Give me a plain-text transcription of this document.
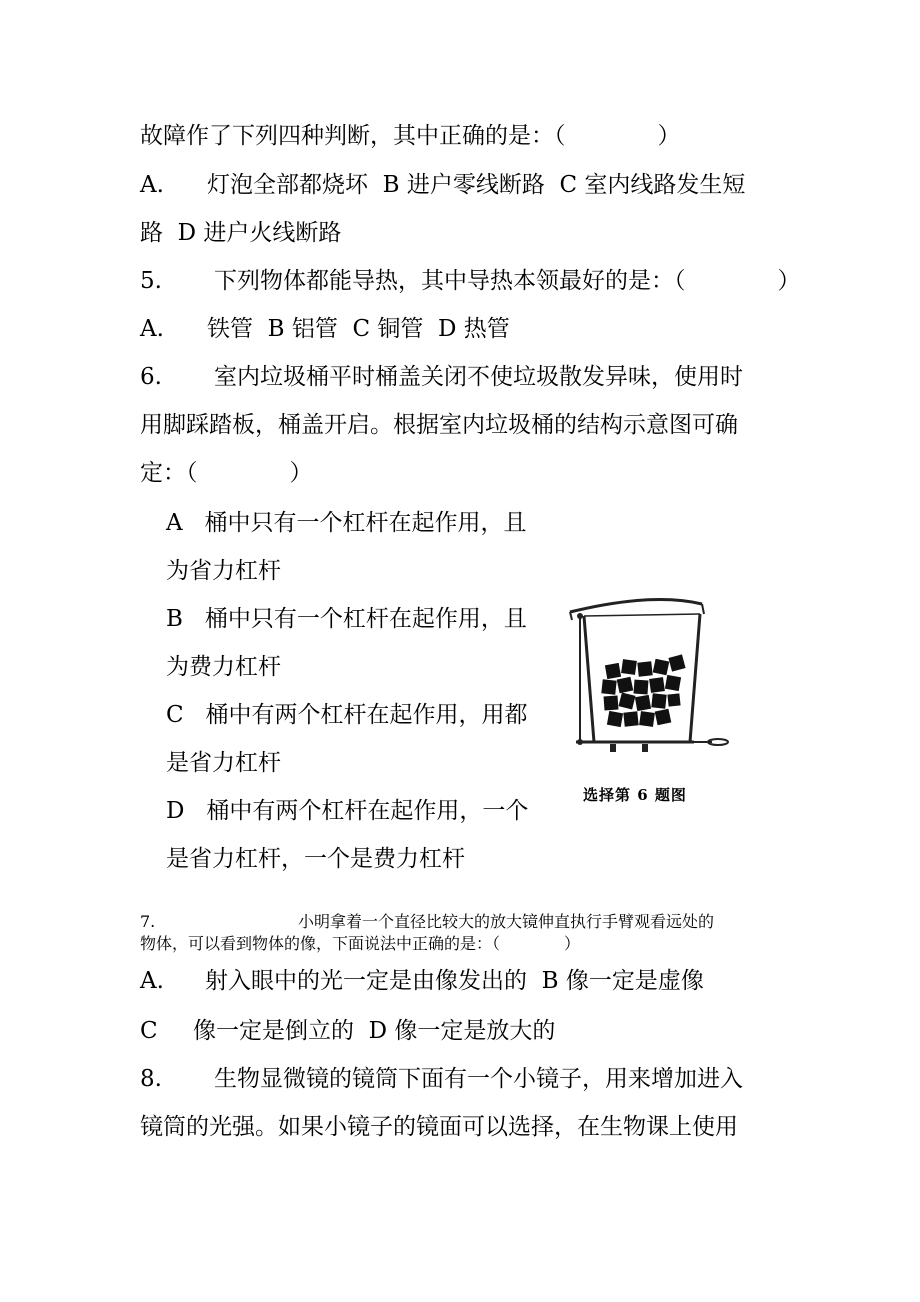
故障作了下列四种判断，其中正确的是：（　　　　）
A. 灯泡全部都烧坏  B 进户零线断路  C 室内线路发生短
路  D 进户火线断路
5. 下列物体都能导热，其中导热本领最好的是：（　　　　）
A. 铁管  B 铝管  C 铜管  D 热管
6. 室内垃圾桶平时桶盖关闭不使垃圾散发异味，使用时
用脚踩踏板，桶盖开启。根据室内垃圾桶的结构示意图可确
定：（　　　　）
A   桶中只有一个杠杆在起作用，且
为省力杠杆
B   桶中只有一个杠杆在起作用，且
为费力杠杆
C   桶中有两个杠杆在起作用，用都
是省力杠杆
D   桶中有两个杠杆在起作用，一个
是省力杠杆，一个是费力杠杆
选择第 6 题图
7.	小明拿着一个直径比较大的放大镜伸直执行手臂观看远处的
物体，可以看到物体的像，下面说法中正确的是：（　　　　）
A. 射入眼中的光一定是由像发出的  B 像一定是虚像
C 像一定是倒立的  D 像一定是放大的
8. 生物显微镜的镜筒下面有一个小镜子，用来增加进入
镜筒的光强。如果小镜子的镜面可以选择，在生物课上使用
